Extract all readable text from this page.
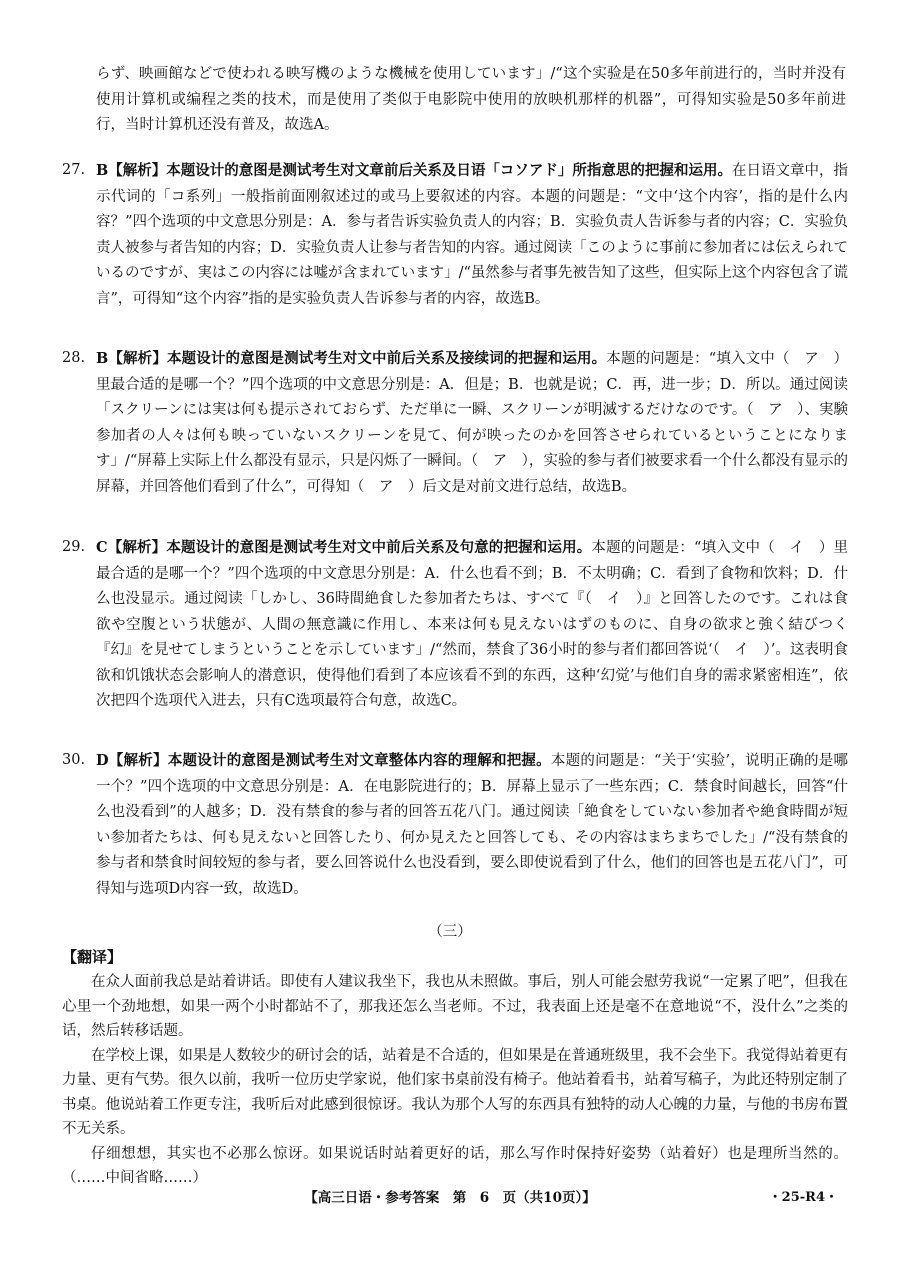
らず、映画館などで使われる映写機のような機械を使用しています」/“这个实验是在50多年前进行的，当时并没有使用计算机或编程之类的技术，而是使用了类似于电影院中使用的放映机那样的机器”，可得知实验是50多年前进行，当时计算机还没有普及，故选A。

27. B【解析】本题设计的意图是测试考生对文章前后关系及日语「コソアド」所指意思的把握和运用。在日语文章中，指示代词的「コ系列」一般指前面刚叙述过的或马上要叙述的内容。本题的问题是：“文中‘这个内容’，指的是什么内容？”四个选项的中文意思分别是：A．参与者告诉实验负责人的内容；B．实验负责人告诉参与者的内容；C．实验负责人被参与者告知的内容；D．实验负责人让参与者告知的内容。通过阅读「このように事前に参加者には伝えられているのですが、実はこの内容には嘘が含まれています」/“虽然参与者事先被告知了这些，但实际上这个内容包含了谎言”，可得知“这个内容”指的是实验负责人告诉参与者的内容，故选B。
28. B【解析】本题设计的意图是测试考生对文中前后关系及接续词的把握和运用。本题的问题是：“填入文中（　ア　）里最合适的是哪一个？”四个选项的中文意思分别是：A．但是；B．也就是说；C．再，进一步；D．所以。通过阅读「スクリーンには実は何も提示されておらず、ただ単に一瞬、スクリーンが明滅するだけなのです。（　ア　）、実験参加者の人々は何も映っていないスクリーンを見て、何が映ったのかを回答させられているということになります」/“屏幕上实际上什么都没有显示，只是闪烁了一瞬间。（　ア　），实验的参与者们被要求看一个什么都没有显示的屏幕，并回答他们看到了什么”，可得知（　ア　）后文是对前文进行总结，故选B。
29. C【解析】本题设计的意图是测试考生对文中前后关系及句意的把握和运用。本题的问题是：“填入文中（　イ　）里最合适的是哪一个？”四个选项的中文意思分别是：A．什么也看不到；B．不太明确；C．看到了食物和饮料；D．什么也没显示。通过阅读「しかし、36時間絶食した参加者たちは、すべて『（　イ　）』と回答したのです。これは食欲や空腹という状態が、人間の無意識に作用し、本来は何も見えないはずのものに、自身の欲求と強く結びつく『幻』を見せてしまうということを示しています」/“然而，禁食了36小时的参与者们都回答说‘（　イ　）’。这表明食欲和饥饿状态会影响人的潜意识，使得他们看到了本应该看不到的东西，这种‘幻觉’与他们自身的需求紧密相连”，依次把四个选项代入进去，只有C选项最符合句意，故选C。
30. D【解析】本题设计的意图是测试考生对文章整体内容的理解和把握。本题的问题是：“关于‘实验’，说明正确的是哪一个？”四个选项的中文意思分别是：A．在电影院进行的；B．屏幕上显示了一些东西；C．禁食时间越长，回答“什么也没看到”的人越多；D．没有禁食的参与者的回答五花八门。通过阅读「絶食をしていない参加者や絶食時間が短い参加者たちは、何も見えないと回答したり、何か見えたと回答しても、その内容はまちまちでした」/“没有禁食的参与者和禁食时间较短的参与者，要么回答说什么也没看到，要么即使说看到了什么，他们的回答也是五花八门”，可得知与选项D内容一致，故选D。
（三）
【翻译】

在众人面前我总是站着讲话。即使有人建议我坐下，我也从未照做。事后，别人可能会慰劳我说“一定累了吧”，但我在心里一个劲地想，如果一两个小时都站不了，那我还怎么当老师。不过，我表面上还是毫不在意地说“不，没什么”之类的话，然后转移话题。

在学校上课，如果是人数较少的研讨会的话，站着是不合适的，但如果是在普通班级里，我不会坐下。我觉得站着更有力量、更有气势。很久以前，我听一位历史学家说，他们家书桌前没有椅子。他站着看书，站着写稿子，为此还特别定制了书桌。他说站着工作更专注，我听后对此感到很惊讶。我认为那个人写的东西具有独特的动人心魄的力量，与他的书房布置不无关系。

仔细想想，其实也不必那么惊讶。如果说话时站着更好的话，那么写作时保持好姿势（站着好）也是理所当然的。（……中间省略……）

【高三日语・参考答案　第　6　页（共10页）】	・25-R4・
